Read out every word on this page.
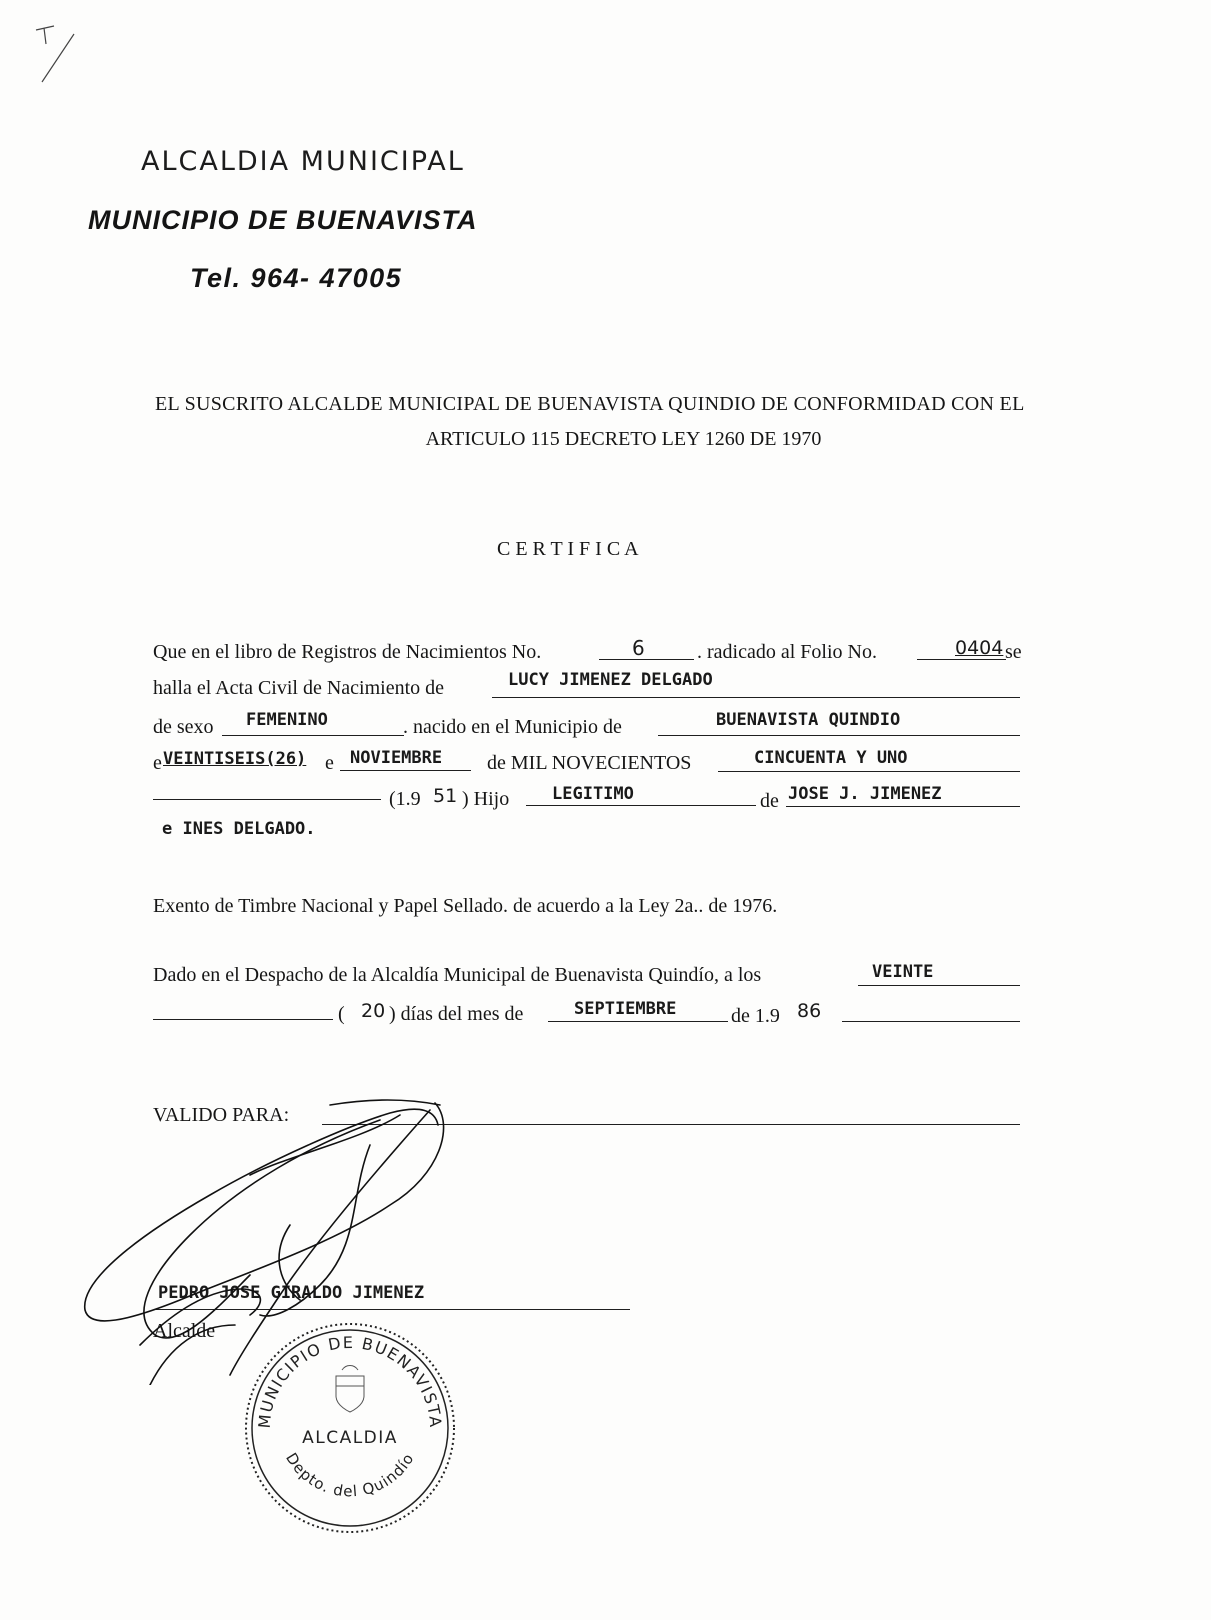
ALCALDIA MUNICIPAL
MUNICIPIO DE BUENAVISTA
Tel. 964- 47005
EL SUSCRITO ALCALDE MUNICIPAL DE BUENAVISTA QUINDIO DE CONFORMIDAD CON EL
ARTICULO 115 DECRETO LEY 1260 DE 1970
C E R T I F I C A
Que en el libro de Registros de Nacimientos No.	6	. radicado al Folio No.	0404 se
halla el Acta Civil de Nacimiento de	LUCY JIMENEZ DELGADO
de sexo FEMENINO	. nacido en el Municipio de	BUENAVISTA QUINDIO
e VEINTISEIS(26) e NOVIEMBRE de MIL NOVECIENTOS	CINCUENTA Y UNO
(1.9 51 ) Hijo	LEGITIMO	de JOSE J. JIMENEZ
e INES DELGADO.
Exento de Timbre Nacional y Papel Sellado. de acuerdo a la Ley 2a.. de 1976.
Dado en el Despacho de la Alcaldía Municipal de Buenavista Quindío, a los	VEINTE
( 20 ) días del mes de	SEPTIEMBRE	de 1.9 86
VALIDO PARA:
PEDRO JOSE GIRALDO JIMENEZ
Alcalde
MUNICIPIO DE BUENAVISTA
Depto. del Quindío
ALCALDIA
